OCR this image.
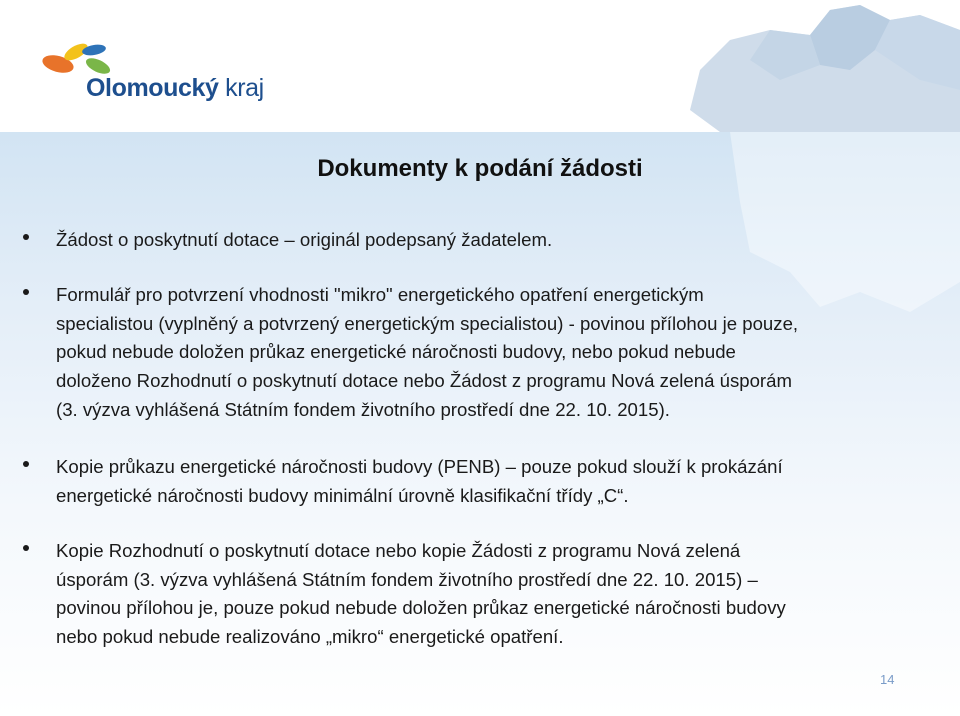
Olomoucký kraj
Dokumenty k podání žádosti
Žádost o poskytnutí dotace – originál podepsaný žadatelem.
Formulář pro potvrzení vhodnosti "mikro" energetického opatření energetickým
specialistou (vyplněný a potvrzený energetickým specialistou) - povinou přílohou je pouze,
pokud nebude doložen průkaz energetické náročnosti budovy, nebo pokud nebude
doloženo Rozhodnutí o poskytnutí dotace nebo Žádost z programu Nová zelená úsporám
(3. výzva vyhlášená Státním fondem životního prostředí dne 22. 10. 2015).
Kopie průkazu energetické náročnosti budovy (PENB) – pouze pokud slouží k prokázání
energetické náročnosti budovy minimální úrovně klasifikační třídy „C“.
Kopie Rozhodnutí o poskytnutí dotace nebo kopie Žádosti z programu Nová zelená
úsporám (3. výzva vyhlášená Státním fondem životního prostředí dne 22. 10. 2015) –
povinou přílohou je, pouze pokud nebude doložen průkaz energetické náročnosti budovy
nebo pokud nebude realizováno „mikro“ energetické opatření.
14
